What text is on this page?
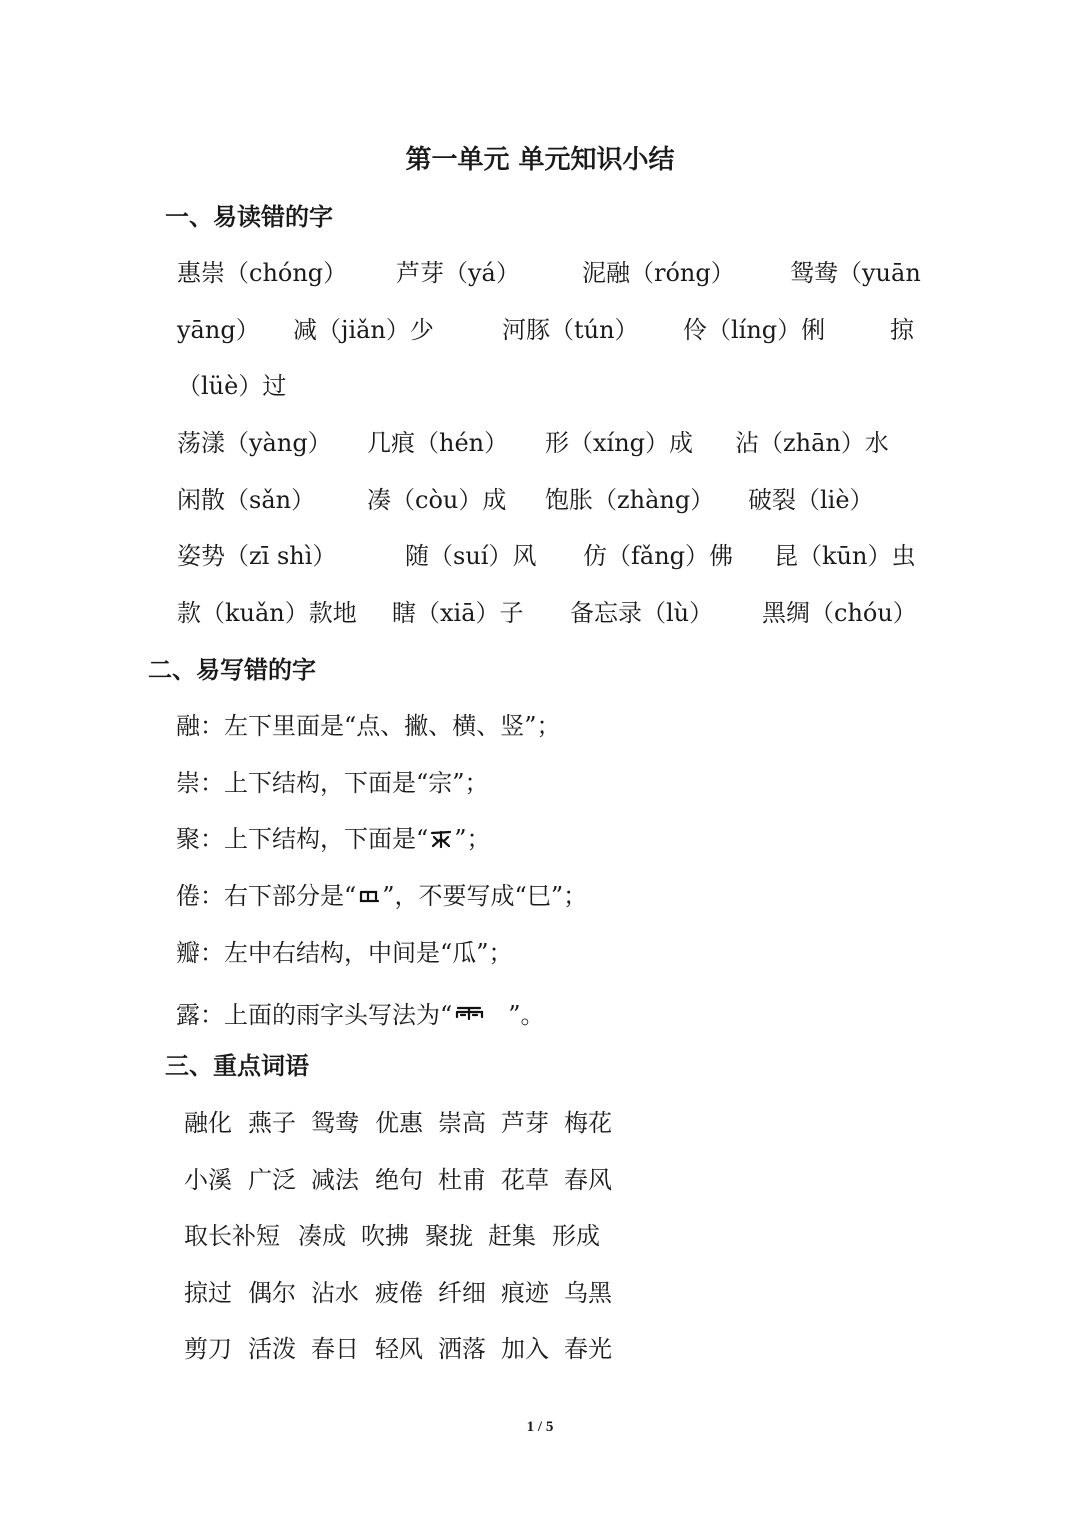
第一单元 单元知识小结
一、易读错的字
惠崇（chóng） 芦芽（yá）	泥融（róng） 鸳鸯（yuān
yāng） 减（jiǎn）少	河豚（tún） 伶（líng）俐	掠
（lüè）过
荡漾（yàng） 几痕（hén） 形（xíng）成 沾（zhān）水
闲散（sǎn） 凑（còu）成 饱胀（zhàng） 破裂（liè）
姿势（zī shì）	随（suí）风 仿（fǎng）佛 昆（kūn）虫
款（kuǎn）款地 瞎（xiā）子 备忘录（lù） 黑绸（chóu）
二、易写错的字
融：左下里面是“点、撇、横、竖”；
崇：上下结构，下面是“宗”；
聚：上下结构，下面是“ ”；
倦：右下部分是“ ”，不要写成“巳”；
瓣：左中右结构，中间是“瓜”；
露：上面的雨字头写法为“ ”。
三、重点词语
融化 燕子 鸳鸯 优惠 崇高 芦芽 梅花
小溪 广泛 减法 绝句 杜甫 花草 春风
取长补短 凑成 吹拂 聚拢 赶集 形成
掠过 偶尔 沾水 疲倦 纤细 痕迹 乌黑
剪刀 活泼 春日 轻风 洒落 加入 春光
1 / 5
